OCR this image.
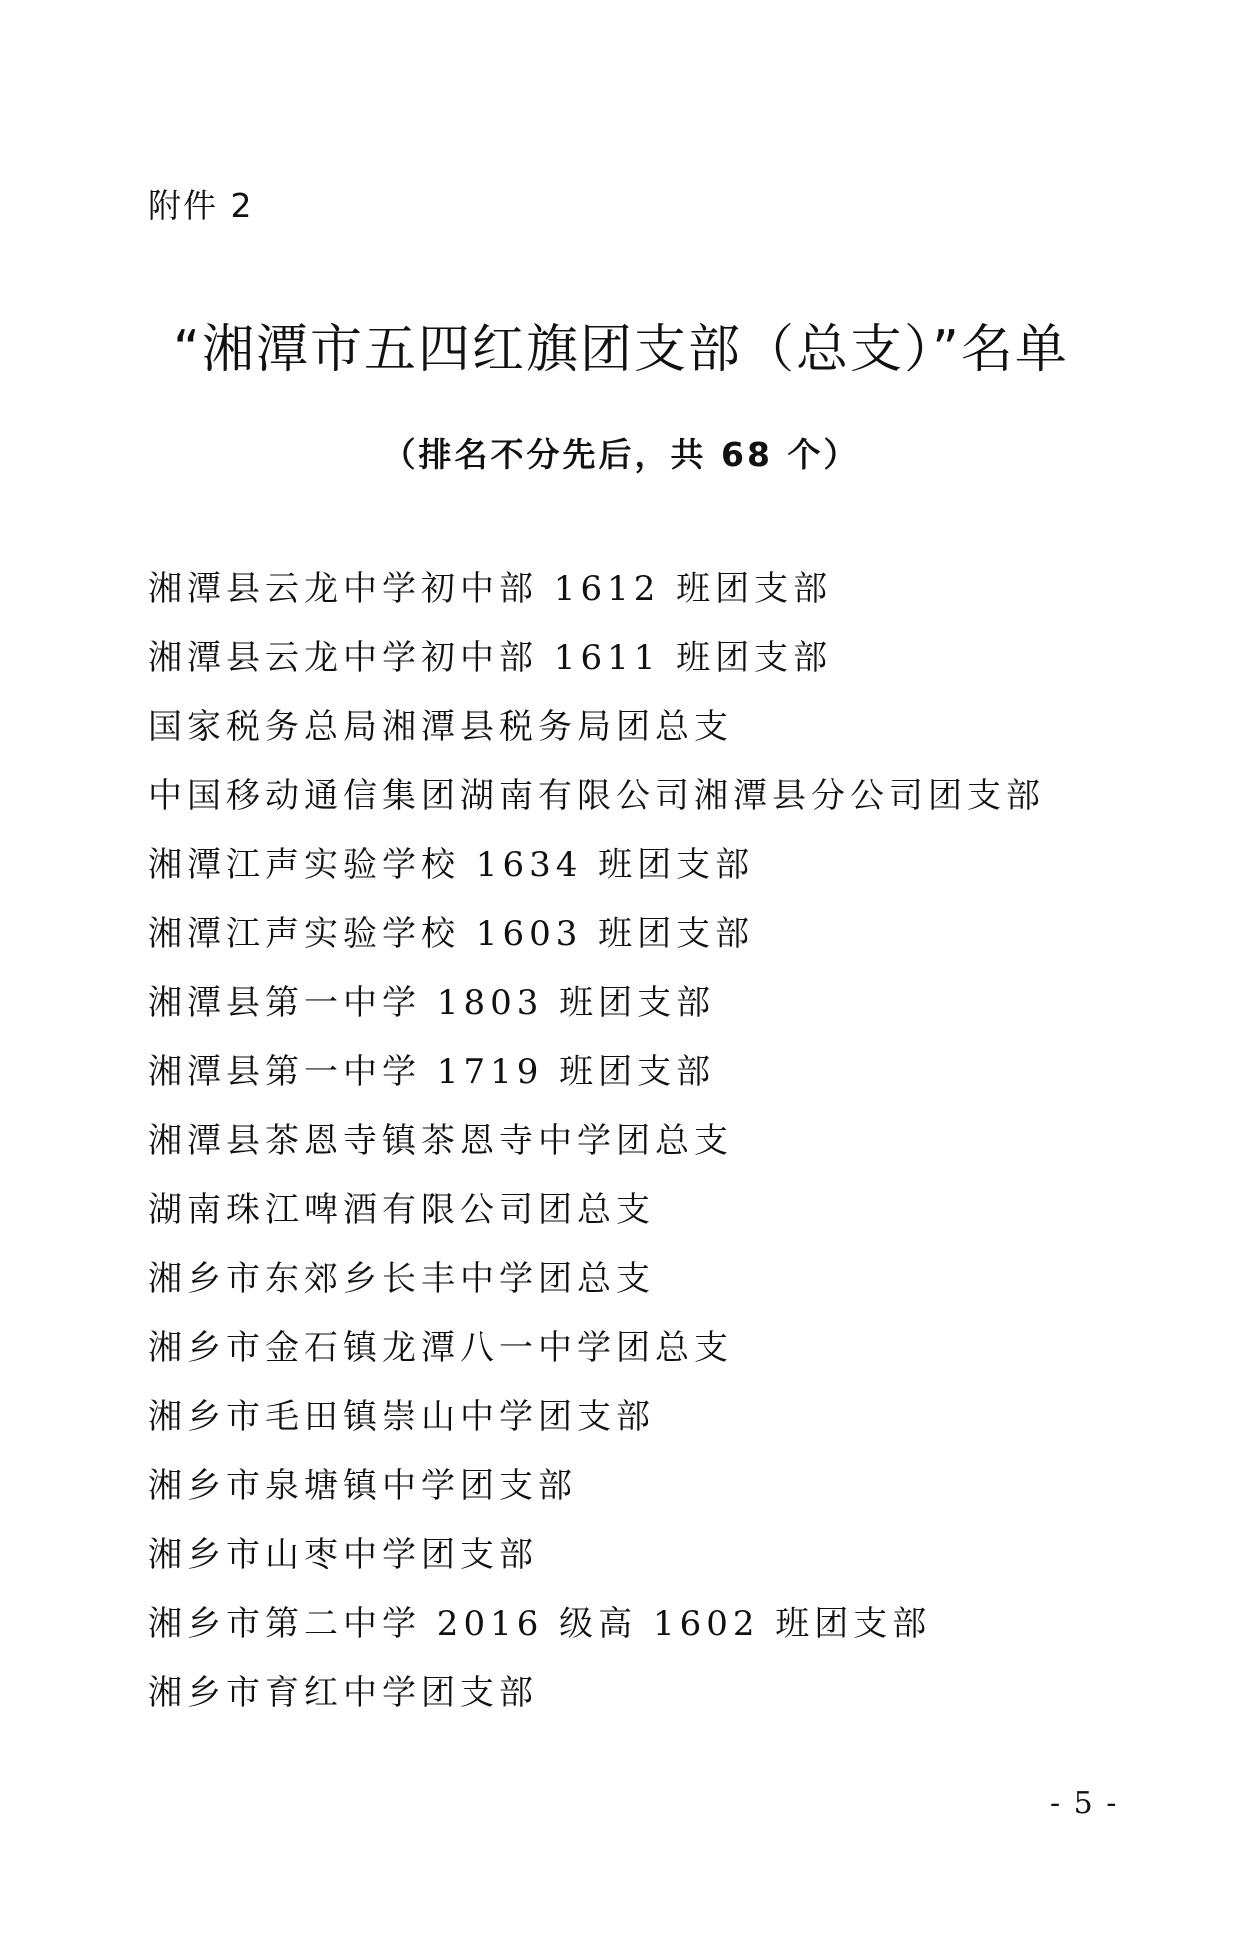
附件 2
“湘潭市五四红旗团支部（总支）”名单
（排名不分先后，共 68 个）
湘潭县云龙中学初中部 1612 班团支部
湘潭县云龙中学初中部 1611 班团支部
国家税务总局湘潭县税务局团总支
中国移动通信集团湖南有限公司湘潭县分公司团支部
湘潭江声实验学校 1634 班团支部
湘潭江声实验学校 1603 班团支部
湘潭县第一中学 1803 班团支部
湘潭县第一中学 1719 班团支部
湘潭县茶恩寺镇茶恩寺中学团总支
湖南珠江啤酒有限公司团总支
湘乡市东郊乡长丰中学团总支
湘乡市金石镇龙潭八一中学团总支
湘乡市毛田镇崇山中学团支部
湘乡市泉塘镇中学团支部
湘乡市山枣中学团支部
湘乡市第二中学 2016 级高 1602 班团支部
湘乡市育红中学团支部
- 5 -
